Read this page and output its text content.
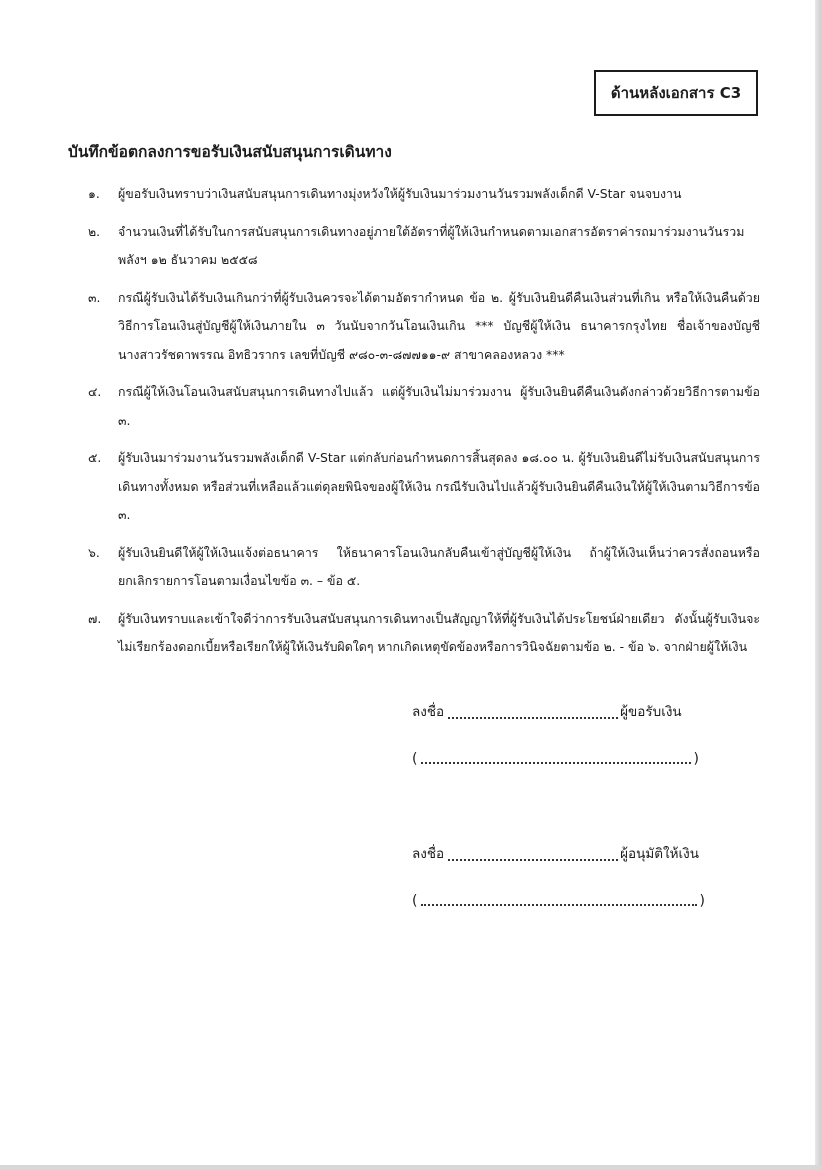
ด้านหลังเอกสาร C3
บันทึกข้อตกลงการขอรับเงินสนับสนุนการเดินทาง
๑.	ผู้ขอรับเงินทราบว่าเงินสนับสนุนการเดินทางมุ่งหวังให้ผู้รับเงินมาร่วมงานวันรวมพลังเด็กดี V-Star จนจบงาน
๒.	จำนวนเงินที่ได้รับในการสนับสนุนการเดินทางอยู่ภายใต้อัตราที่ผู้ให้เงินกำหนดตามเอกสารอัตราค่ารถมาร่วมงานวันรวมพลังฯ ๑๒ ธันวาคม ๒๕๕๘
๓.	กรณีผู้รับเงินได้รับเงินเกินกว่าที่ผู้รับเงินควรจะได้ตามอัตรากำหนด ข้อ ๒. ผู้รับเงินยินดีคืนเงินส่วนที่เกิน หรือให้เงินคืนด้วยวิธีการโอนเงินสู่บัญชีผู้ให้เงินภายใน ๓ วันนับจากวันโอนเงินเกิน *** บัญชีผู้ให้เงิน ธนาคารกรุงไทย ชื่อเจ้าของบัญชี นางสาวรัชดาพรรณ อิทธิวรากร เลขที่บัญชี ๙๘๐-๓-๘๗๗๑๑-๙ สาขาคลองหลวง ***
๔.	กรณีผู้ให้เงินโอนเงินสนับสนุนการเดินทางไปแล้ว แต่ผู้รับเงินไม่มาร่วมงาน ผู้รับเงินยินดีคืนเงินดังกล่าวด้วยวิธีการตามข้อ ๓.
๕.	ผู้รับเงินมาร่วมงานวันรวมพลังเด็กดี V-Star แต่กลับก่อนกำหนดการสิ้นสุดลง ๑๘.๐๐ น. ผู้รับเงินยินดีไม่รับเงินสนับสนุนการเดินทางทั้งหมด หรือส่วนที่เหลือแล้วแต่ดุลยพินิจของผู้ให้เงิน กรณีรับเงินไปแล้วผู้รับเงินยินดีคืนเงินให้ผู้ให้เงินตามวิธีการข้อ ๓.
๖.	ผู้รับเงินยินดีให้ผู้ให้เงินแจ้งต่อธนาคาร ให้ธนาคารโอนเงินกลับคืนเข้าสู่บัญชีผู้ให้เงิน ถ้าผู้ให้เงินเห็นว่าควรสั่งถอนหรือยกเลิกรายการโอนตามเงื่อนไขข้อ ๓. – ข้อ ๕.
๗.	ผู้รับเงินทราบและเข้าใจดีว่าการรับเงินสนับสนุนการเดินทางเป็นสัญญาให้ที่ผู้รับเงินได้ประโยชน์ฝ่ายเดียว ดังนั้นผู้รับเงินจะไม่เรียกร้องดอกเบี้ยหรือเรียกให้ผู้ให้เงินรับผิดใดๆ หากเกิดเหตุขัดข้องหรือการวินิจฉัยตามข้อ ๒. - ข้อ ๖. จากฝ่ายผู้ให้เงิน
ลงชื่อ	ผู้ขอรับเงิน
(	)
ลงชื่อ	ผู้อนุมัติให้เงิน
(	)
